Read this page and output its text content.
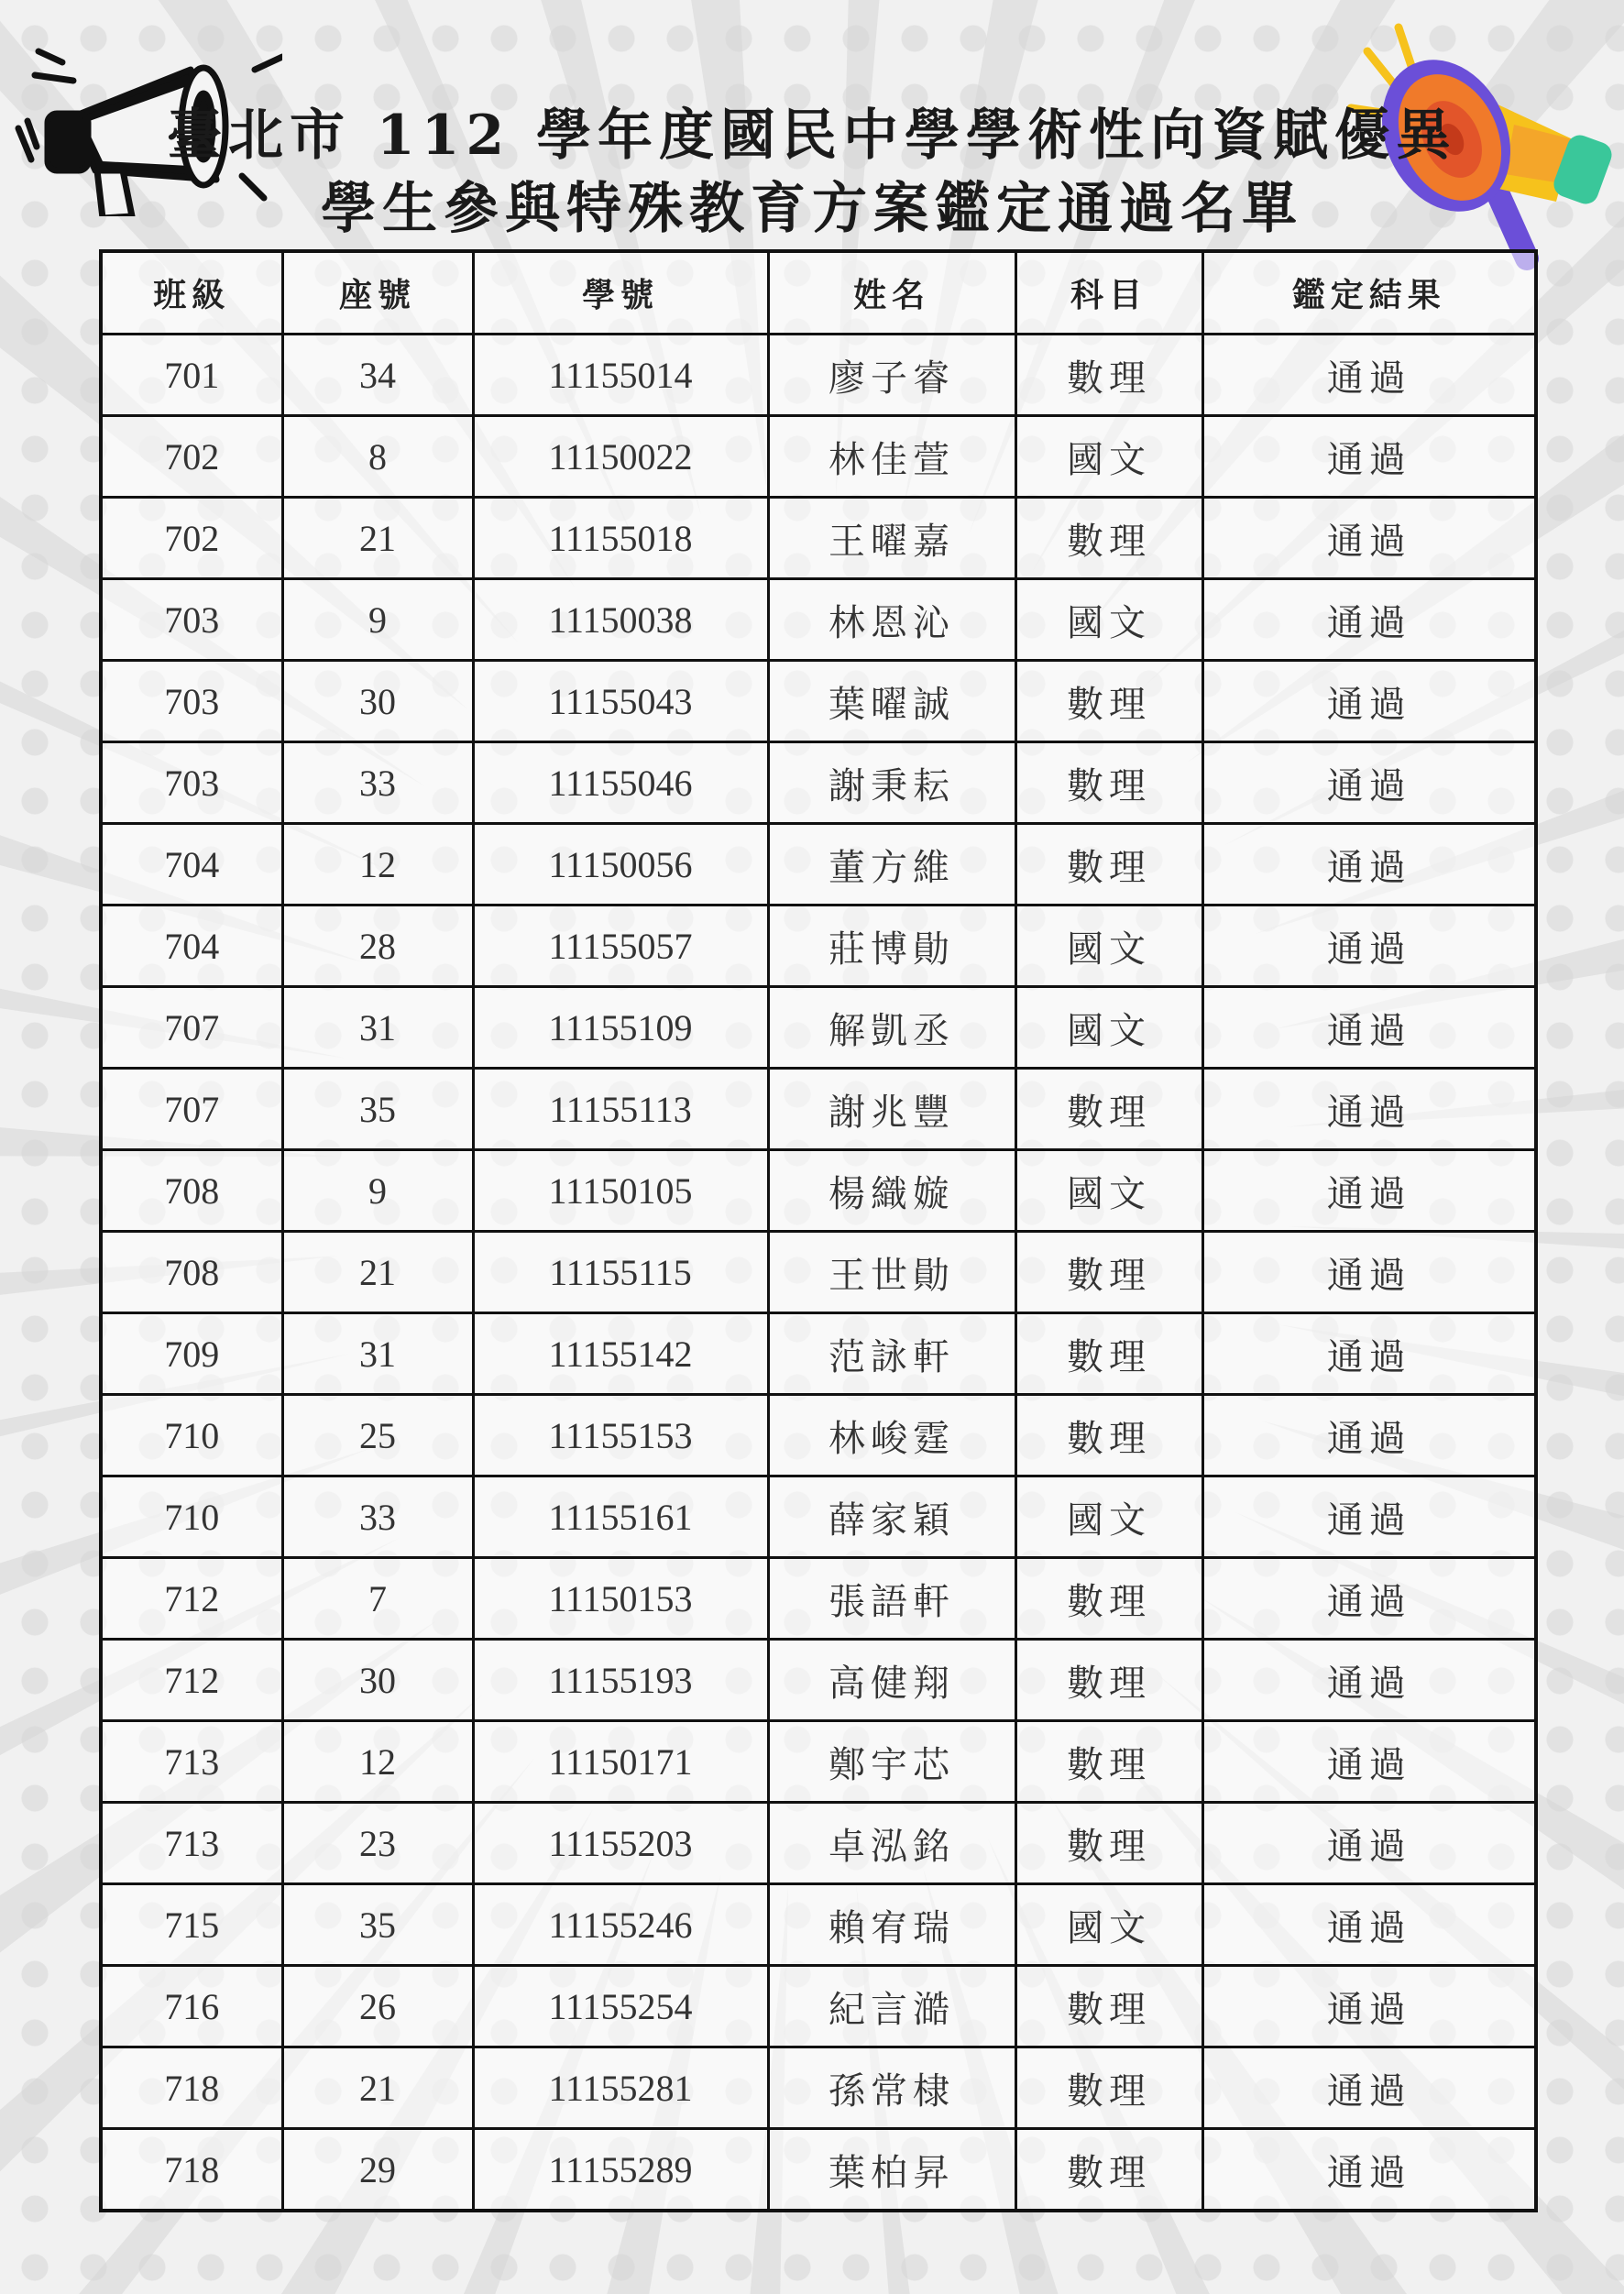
臺北市 112 學年度國民中學學術性向資賦優異
學生參與特殊教育方案鑑定通過名單
班級	座號	學號	姓名	科目	鑑定結果
701	34	11155014	廖子睿	數理	通過
702	8	11150022	林佳萱	國文	通過
702	21	11155018	王曜嘉	數理	通過
703	9	11150038	林恩沁	國文	通過
703	30	11155043	葉曜誠	數理	通過
703	33	11155046	謝秉耘	數理	通過
704	12	11150056	董方維	數理	通過
704	28	11155057	莊博勛	國文	通過
707	31	11155109	解凱丞	國文	通過
707	35	11155113	謝兆豐	數理	通過
708	9	11150105	楊織嫙	國文	通過
708	21	11155115	王世勛	數理	通過
709	31	11155142	范詠軒	數理	通過
710	25	11155153	林峻霆	數理	通過
710	33	11155161	薛家穎	國文	通過
712	7	11150153	張語軒	數理	通過
712	30	11155193	高健翔	數理	通過
713	12	11150171	鄭宇芯	數理	通過
713	23	11155203	卓泓銘	數理	通過
715	35	11155246	賴宥瑞	國文	通過
716	26	11155254	紀言澔	數理	通過
718	21	11155281	孫常棣	數理	通過
718	29	11155289	葉柏昇	數理	通過
